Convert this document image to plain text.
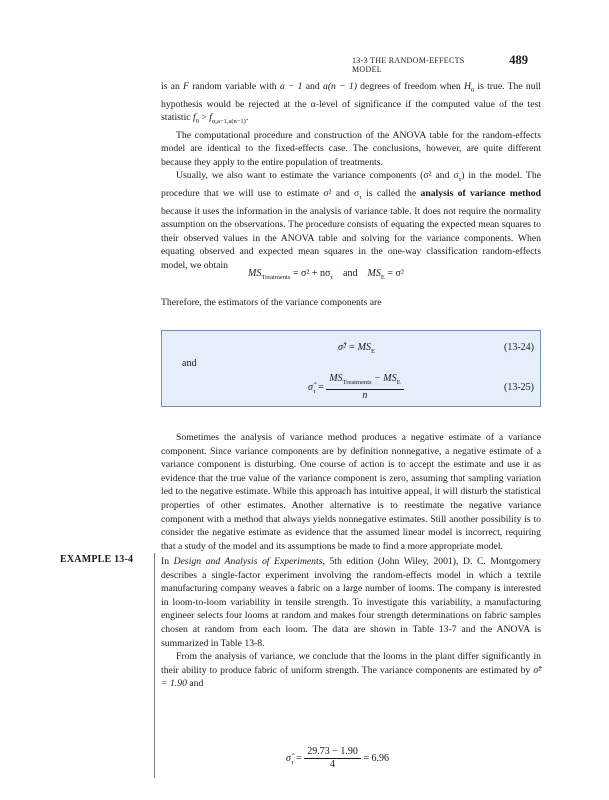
13-3 THE RANDOM-EFFECTS MODEL
489

is an F random variable with a − 1 and a(n − 1) degrees of freedom when $H_0$ is true. The null hypothesis would be rejected at the α-level of significance if the computed value of the test statistic $f_0 > f_{\alpha,a-1,a(n-1)}$.

The computational procedure and construction of the ANOVA table for the random-effects model are identical to the fixed-effects case. The conclusions, however, are quite different because they apply to the entire population of treatments.

Usually, we also want to estimate the variance components (σ² and $\sigma_\tau$) in the model. The procedure that we will use to estimate σ² and $\sigma_\tau$ is called the analysis of variance method because it uses the information in the analysis of variance table. It does not require the normality assumption on the observations. The procedure consists of equating the expected mean squares to their observed values in the ANOVA table and solving for the variance components. When equating observed and expected mean squares in the one-way classification random-effects model, we obtain

$MS_{Treatments} = \sigma^2 + n\sigma_\tau$ and $MS_E = \sigma^2$
Therefore, the estimators of the variance components are
σ̂² = $MS_E$	(13-24)
and
$\sigmâ_\tau = \frac{MS_{Treatments} - MS_E}{n}$	(13-25)

Sometimes the analysis of variance method produces a negative estimate of a variance component. Since variance components are by definition nonnegative, a negative estimate of a variance component is disturbing. One course of action is to accept the estimate and use it as evidence that the true value of the variance component is zero, assuming that sampling variation led to the negative estimate. While this approach has intuitive appeal, it will disturb the statistical properties of other estimates. Another alternative is to reestimate the negative variance component with a method that always yields nonnegative estimates. Still another possibility is to consider the negative estimate as evidence that the assumed linear model is incorrect, requiring that a study of the model and its assumptions be made to find a more appropriate model.

EXAMPLE 13-4	In Design and Analysis of Experiments, 5th edition (John Wiley, 2001), D. C. Montgomery describes a single-factor experiment involving the random-effects model in which a textile manufacturing company weaves a fabric on a large number of looms. The company is interested in loom-to-loom variability in tensile strength. To investigate this variability, a manufacturing engineer selects four looms at random and makes four strength determinations on fabric samples chosen at random from each loom. The data are shown in Table 13-7 and the ANOVA is summarized in Table 13-8.

From the analysis of variance, we conclude that the looms in the plant differ significantly in their ability to produce fabric of uniform strength. The variance components are estimated by σ̂² = 1.90 and

$\sigmâ_\tau = \frac{29.73 - 1.90}{4} = 6.96$
